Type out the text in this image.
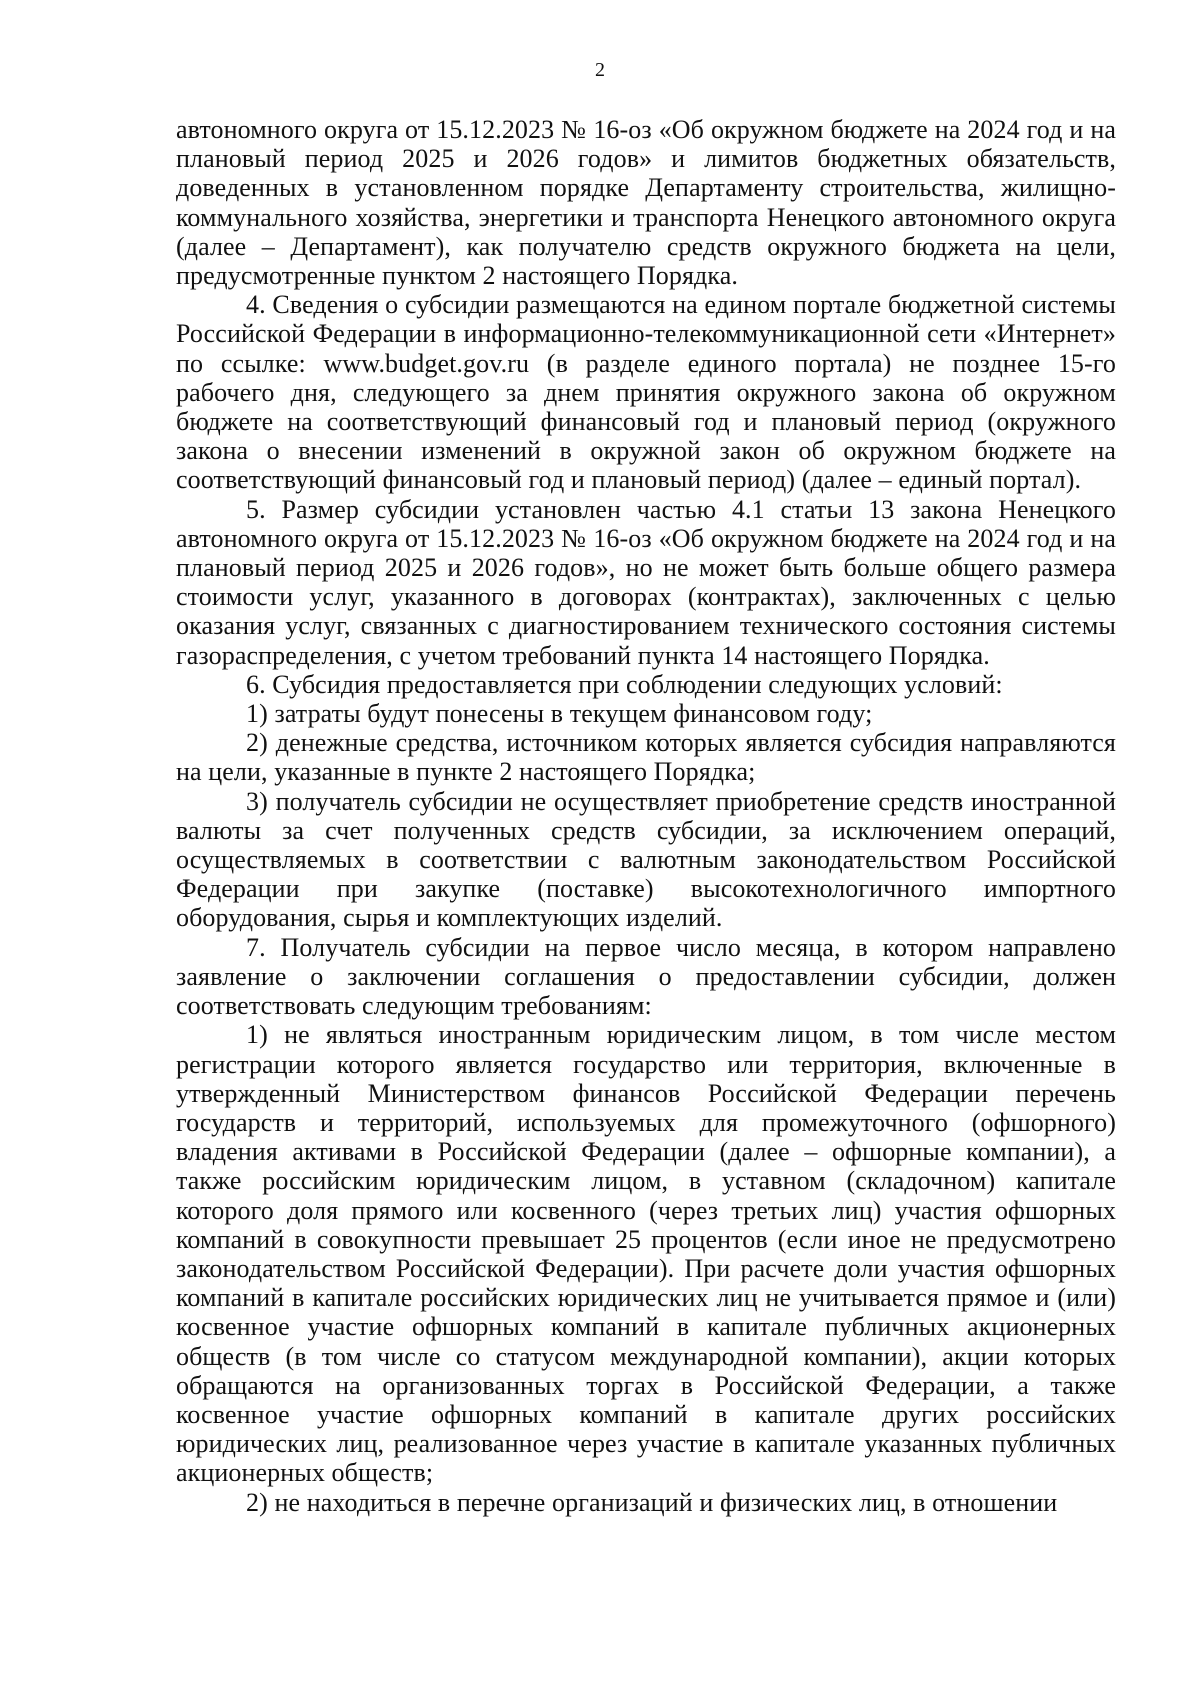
2

автономного округа от 15.12.2023 № 16-оз «Об окружном бюджете на 2024 год и на плановый период 2025 и 2026 годов» и лимитов бюджетных обязательств, доведенных в установленном порядке Департаменту строительства, жилищно-коммунального хозяйства, энергетики и транспорта Ненецкого автономного округа (далее – Департамент), как получателю средств окружного бюджета на цели, предусмотренные пунктом 2 настоящего Порядка.

4. Сведения о субсидии размещаются на едином портале бюджетной системы Российской Федерации в информационно-телекоммуникационной сети «Интернет» по ссылке: www.budget.gov.ru (в разделе единого портала) не позднее 15-го рабочего дня, следующего за днем принятия окружного закона об окружном бюджете на соответствующий финансовый год и плановый период (окружного закона о внесении изменений в окружной закон об окружном бюджете на соответствующий финансовый год и плановый период) (далее – единый портал).

5. Размер субсидии установлен частью 4.1 статьи 13 закона Ненецкого автономного округа от 15.12.2023 № 16-оз «Об окружном бюджете на 2024 год и на плановый период 2025 и 2026 годов», но не может быть больше общего размера стоимости услуг, указанного в договорах (контрактах), заключенных с целью оказания услуг, связанных с диагностированием технического состояния системы газораспределения, с учетом требований пункта 14 настоящего Порядка.

6. Субсидия предоставляется при соблюдении следующих условий:

1) затраты будут понесены в текущем финансовом году;

2) денежные средства, источником которых является субсидия направляются на цели, указанные в пункте 2 настоящего Порядка;

3) получатель субсидии не осуществляет приобретение средств иностранной валюты за счет полученных средств субсидии, за исключением операций, осуществляемых в соответствии с валютным законодательством Российской Федерации при закупке (поставке) высокотехнологичного импортного оборудования, сырья и комплектующих изделий.

7. Получатель субсидии на первое число месяца, в котором направлено заявление о заключении соглашения о предоставлении субсидии, должен соответствовать следующим требованиям:

1) не являться иностранным юридическим лицом, в том числе местом регистрации которого является государство или территория, включенные в утвержденный Министерством финансов Российской Федерации перечень государств и территорий, используемых для промежуточного (офшорного) владения активами в Российской Федерации (далее – офшорные компании), а также российским юридическим лицом, в уставном (складочном) капитале которого доля прямого или косвенного (через третьих лиц) участия офшорных компаний в совокупности превышает 25 процентов (если иное не предусмотрено законодательством Российской Федерации). При расчете доли участия офшорных компаний в капитале российских юридических лиц не учитывается прямое и (или) косвенное участие офшорных компаний в капитале публичных акционерных обществ (в том числе со статусом международной компании), акции которых обращаются на организованных торгах в Российской Федерации, а также косвенное участие офшорных компаний в капитале других российских юридических лиц, реализованное через участие в капитале указанных публичных акционерных обществ;

2) не находиться в перечне организаций и физических лиц, в отношении
